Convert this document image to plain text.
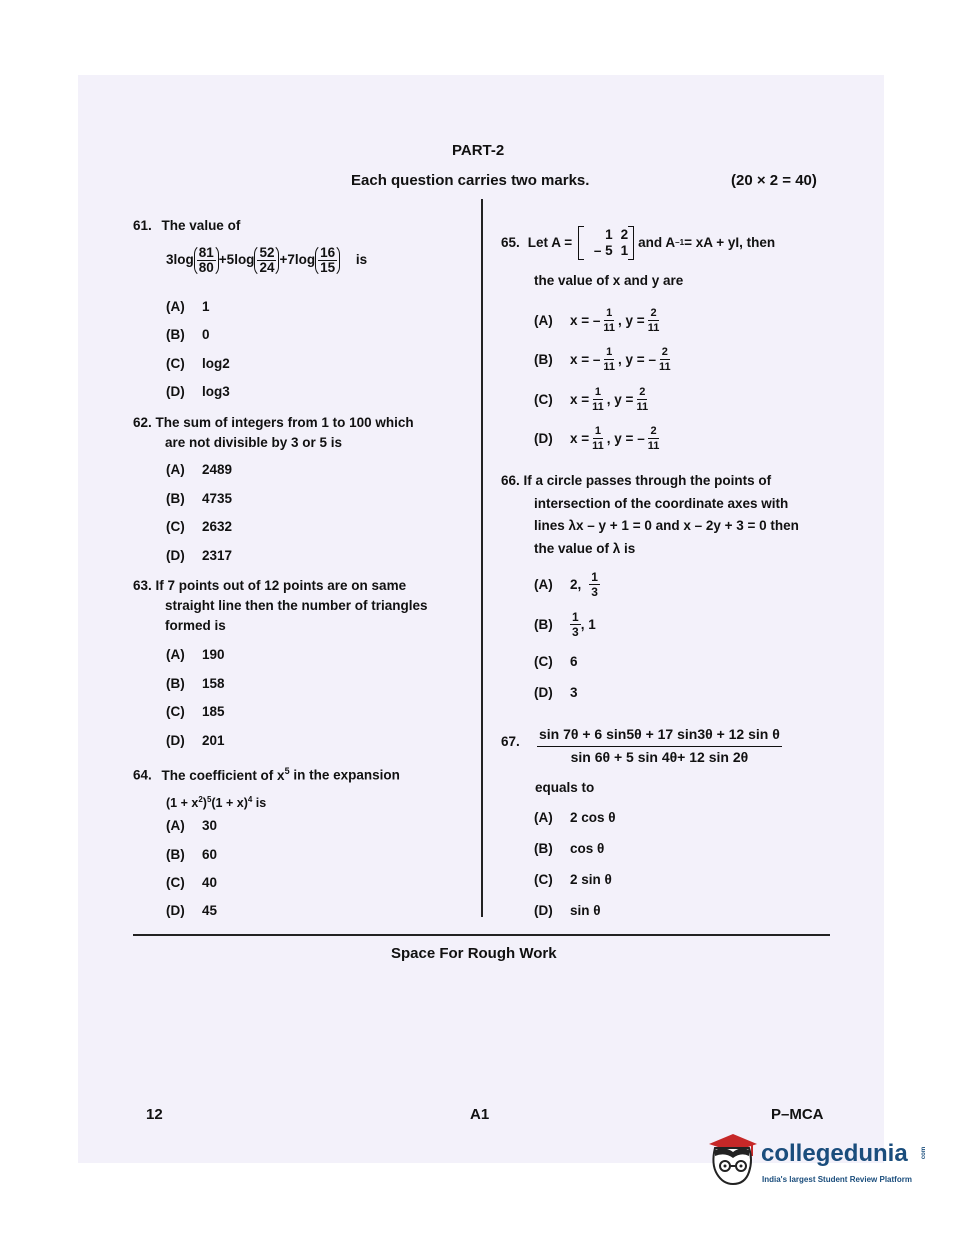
PART-2
Each question carries two marks.	(20 × 2 = 40)
61. The value of
$3\log \frac{81}{80} +5\log \frac{52}{24} +7\log \frac{16}{15}$ is
(A) 1
(B) 0
(C) log2
(D) log3
62. The sum of integers from 1 to 100 which
are not divisible by 3 or 5 is
(A) 2489
(B) 4735
(C) 2632
(D) 2317
63. If 7 points out of 12 points are on same
straight line then the number of triangles
formed is
(A) 190
(B) 158
(C) 185
(D) 201
64. The coefficient of $x^5$ in the expansion
$(1 + x^2)^5(1 + x)^4$ is
(A) 30
(B) 60
(C) 40
(D) 45
65. Let A =
1 2
– 5 1
and A –1 = xA + yI, then
the value of x and y are
(A)	x = – $\frac{1}{11}$ , $y = \frac{2}{11}$
(B)	x = – $\frac{1}{11}$ , y = – $\frac{2}{11}$
(C)	$x = \frac{1}{11}$ , $y = \frac{2}{11}$
(D)	$x = \frac{1}{11}$ , y = – $\frac{2}{11}$
66. If a circle passes through the points of
intersection of the coordinate axes with
lines λx – y + 1 = 0 and x – 2y + 3 = 0 then
the value of λ is
(A)	2, $\frac{1}{3}$
(B)	$\frac{1}{3}$ , 1
(C) 6
(D) 3
67. $\frac{\text{sin 7θ + 6 sin5θ + 17 sin3θ + 12 sin θ}}{\sin 6\theta + 5 \sin 4\theta+ 12 \sin 2\theta}$
equals to
(A) 2 cos θ
(B) cos θ
(C) 2 sin θ
(D) sin θ
Space For Rough Work
12	A1	P–MCA
collegedunia com
India's largest Student Review Platform
